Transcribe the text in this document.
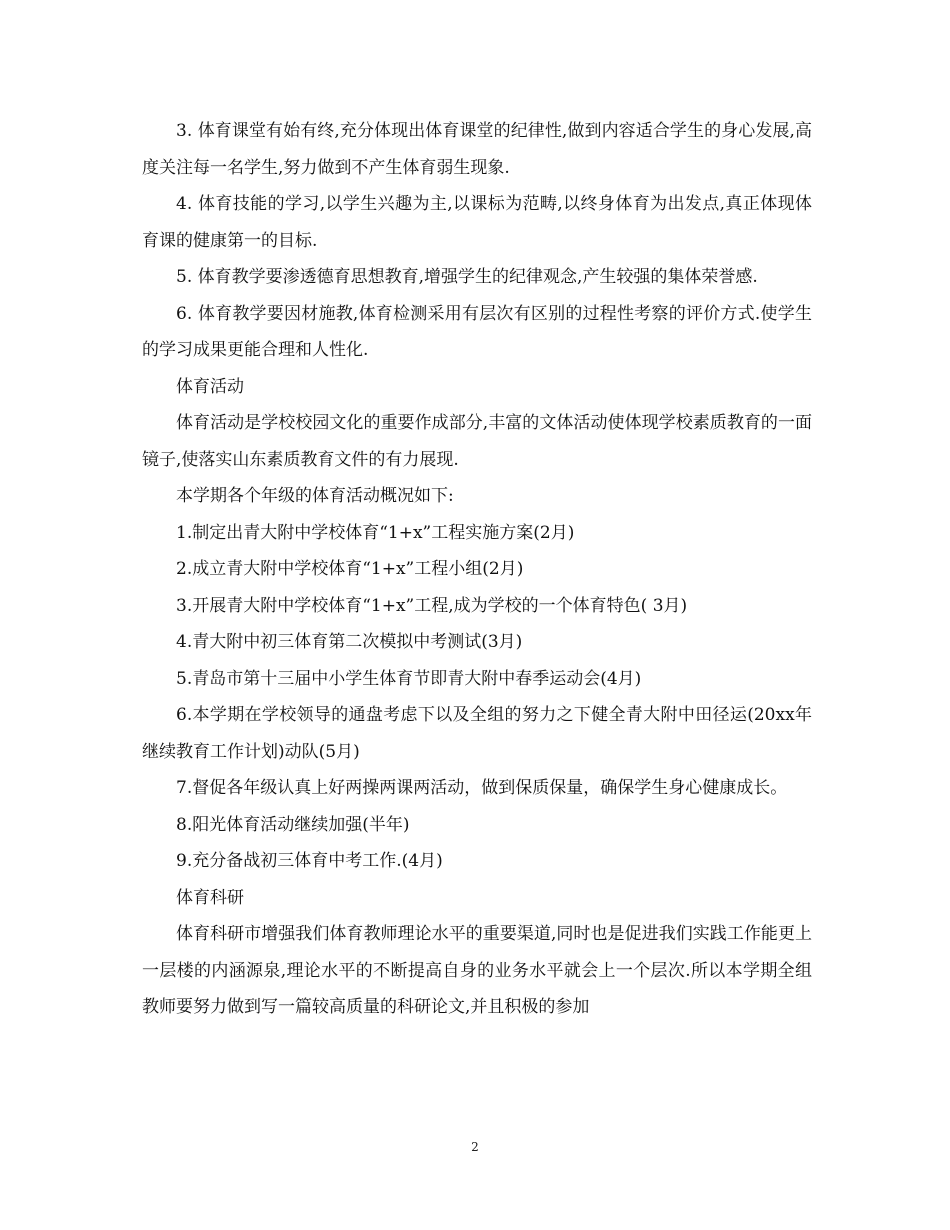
3. 体育课堂有始有终,充分体现出体育课堂的纪律性,做到内容适合学生的身心发展,高度关注每一名学生,努力做到不产生体育弱生现象.

4. 体育技能的学习,以学生兴趣为主,以课标为范畴,以终身体育为出发点,真正体现体育课的健康第一的目标.

5. 体育教学要渗透德育思想教育,增强学生的纪律观念,产生较强的集体荣誉感.

6. 体育教学要因材施教,体育检测采用有层次有区别的过程性考察的评价方式.使学生的学习成果更能合理和人性化.

体育活动

体育活动是学校校园文化的重要作成部分,丰富的文体活动使体现学校素质教育的一面镜子,使落实山东素质教育文件的有力展现.

本学期各个年级的体育活动概况如下:

1.制定出青大附中学校体育“1+x”工程实施方案(2月)

2.成立青大附中学校体育“1+x”工程小组(2月)

3.开展青大附中学校体育“1+x”工程,成为学校的一个体育特色( 3月)

4.青大附中初三体育第二次模拟中考测试(3月)

5.青岛市第十三届中小学生体育节即青大附中春季运动会(4月)

6.本学期在学校领导的通盘考虑下以及全组的努力之下健全青大附中田径运(20xx年继续教育工作计划)动队(5月)

7.督促各年级认真上好两操两课两活动，做到保质保量，确保学生身心健康成长。

8.阳光体育活动继续加强(半年)

9.充分备战初三体育中考工作.(4月)

体育科研

体育科研市增强我们体育教师理论水平的重要渠道,同时也是促进我们实践工作能更上一层楼的内涵源泉,理论水平的不断提高自身的业务水平就会上一个层次.所以本学期全组教师要努力做到写一篇较高质量的科研论文,并且积极的参加

2
